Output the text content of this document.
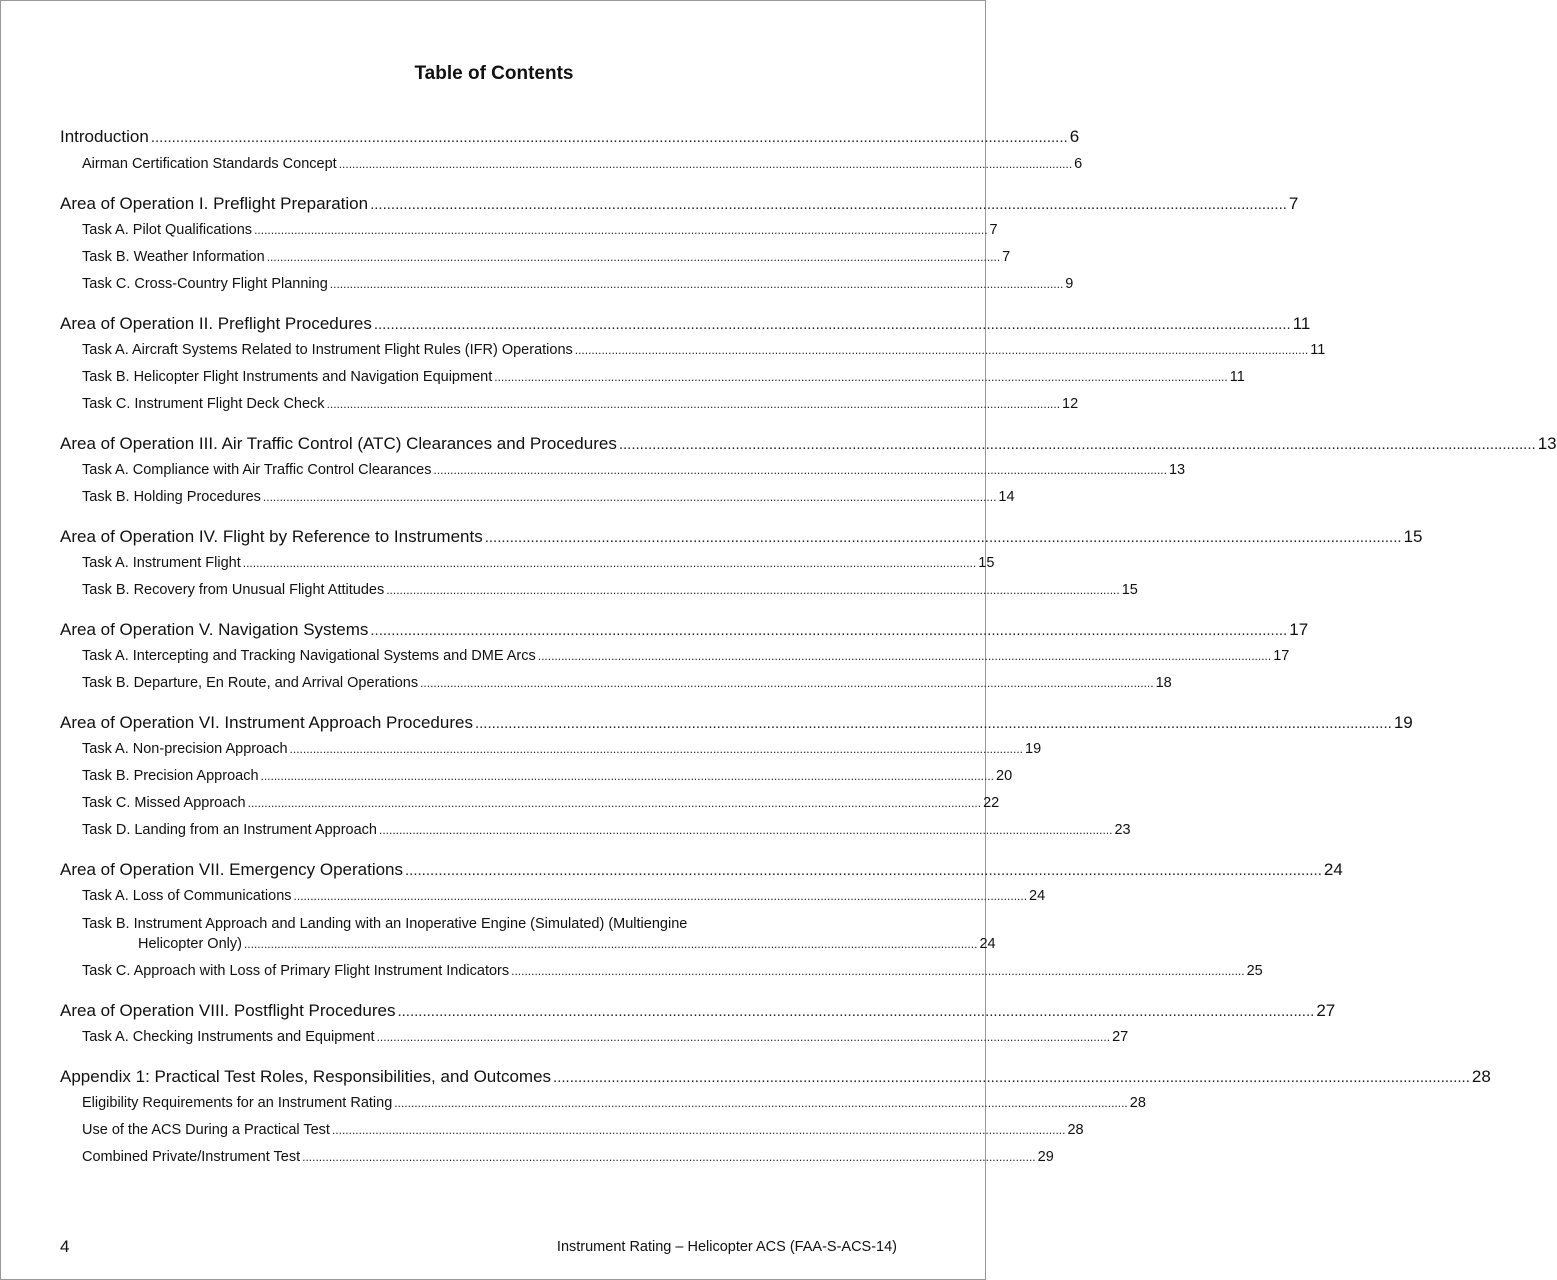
Table of Contents
Introduction ............................................................................................................................................................................................................................ 6
Airman Certification Standards Concept ............................................................................................................................................................................................................................ 6
Area of Operation I. Preflight Preparation ............................................................................................................................................................................................................................ 7
Task A. Pilot Qualifications ............................................................................................................................................................................................................................ 7
Task B. Weather Information ............................................................................................................................................................................................................................ 7
Task C. Cross-Country Flight Planning ............................................................................................................................................................................................................................ 9
Area of Operation II. Preflight Procedures ............................................................................................................................................................................................................................ 11
Task A. Aircraft Systems Related to Instrument Flight Rules (IFR) Operations ............................................................................................................................................................................................................................ 11
Task B. Helicopter Flight Instruments and Navigation Equipment ............................................................................................................................................................................................................................ 11
Task C. Instrument Flight Deck Check ............................................................................................................................................................................................................................ 12
Area of Operation III. Air Traffic Control (ATC) Clearances and Procedures ............................................................................................................................................................................................................................ 13
Task A. Compliance with Air Traffic Control Clearances ............................................................................................................................................................................................................................ 13
Task B. Holding Procedures ............................................................................................................................................................................................................................ 14
Area of Operation IV. Flight by Reference to Instruments ............................................................................................................................................................................................................................ 15
Task A. Instrument Flight ............................................................................................................................................................................................................................ 15
Task B. Recovery from Unusual Flight Attitudes ............................................................................................................................................................................................................................ 15
Area of Operation V. Navigation Systems ............................................................................................................................................................................................................................ 17
Task A. Intercepting and Tracking Navigational Systems and DME Arcs ............................................................................................................................................................................................................................ 17
Task B. Departure, En Route, and Arrival Operations ............................................................................................................................................................................................................................ 18
Area of Operation VI. Instrument Approach Procedures ............................................................................................................................................................................................................................ 19
Task A. Non-precision Approach ............................................................................................................................................................................................................................ 19
Task B. Precision Approach ............................................................................................................................................................................................................................ 20
Task C. Missed Approach ............................................................................................................................................................................................................................ 22
Task D. Landing from an Instrument Approach ............................................................................................................................................................................................................................ 23
Area of Operation VII. Emergency Operations ............................................................................................................................................................................................................................ 24
Task A. Loss of Communications ............................................................................................................................................................................................................................ 24
Task B. Instrument Approach and Landing with an Inoperative Engine (Simulated) (Multiengine
Helicopter Only) ............................................................................................................................................................................................................................ 24
Task C. Approach with Loss of Primary Flight Instrument Indicators ............................................................................................................................................................................................................................ 25
Area of Operation VIII. Postflight Procedures ............................................................................................................................................................................................................................ 27
Task A. Checking Instruments and Equipment ............................................................................................................................................................................................................................ 27
Appendix 1: Practical Test Roles, Responsibilities, and Outcomes ............................................................................................................................................................................................................................ 28
Eligibility Requirements for an Instrument Rating ............................................................................................................................................................................................................................ 28
Use of the ACS During a Practical Test ............................................................................................................................................................................................................................ 28
Combined Private/Instrument Test ............................................................................................................................................................................................................................ 29
4	Instrument Rating – Helicopter ACS (FAA-S-ACS-14)
